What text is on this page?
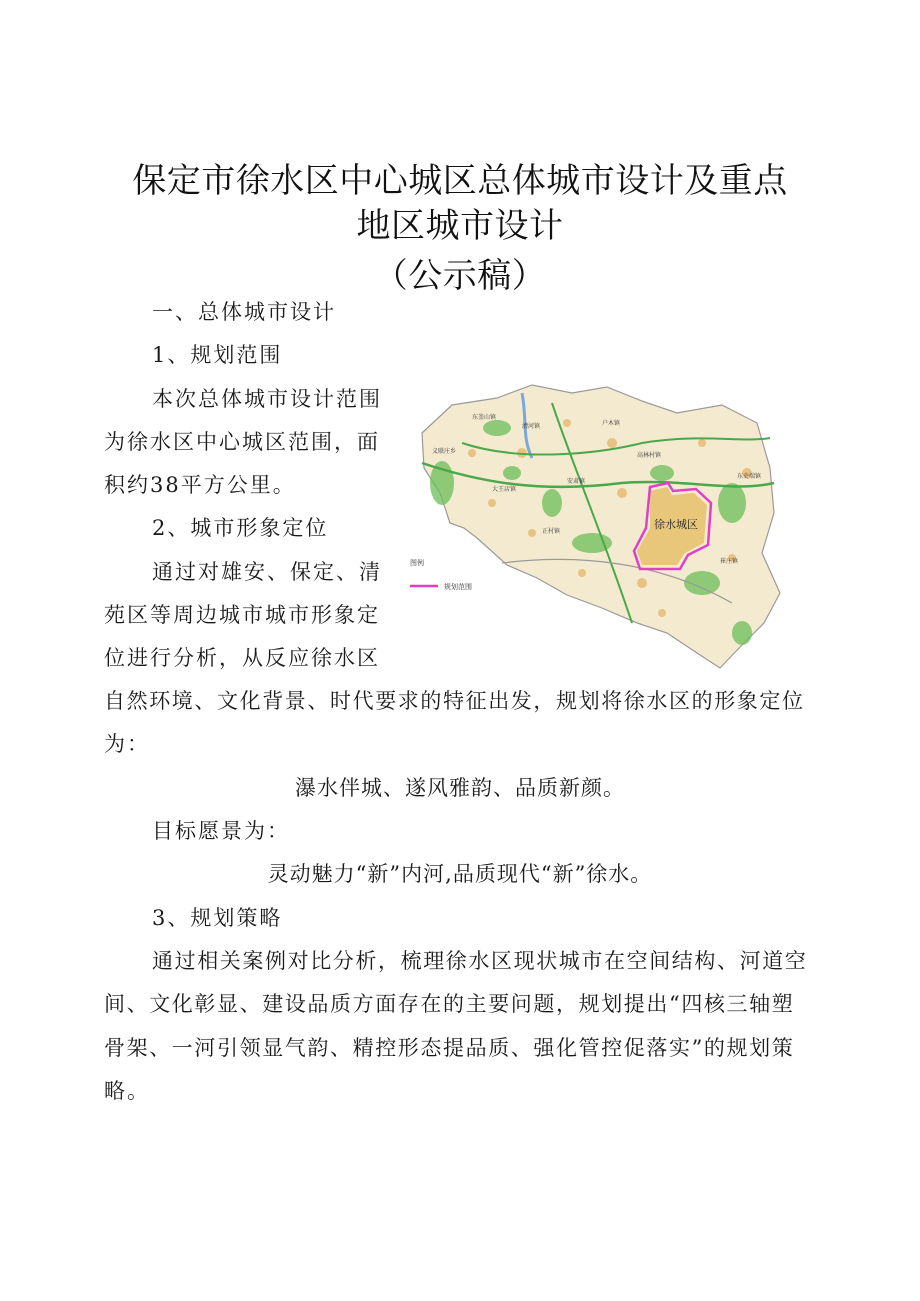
保定市徐水区中心城区总体城市设计及重点
地区城市设计
（公示稿）
一、总体城市设计
1、规划范围
本次总体城市设计范围
为徐水区中心城区范围，面
积约38平方公里。
2、城市形象定位
通过对雄安、保定、清
苑区等周边城市城市形象定
位进行分析，从反应徐水区
自然环境、文化背景、时代要求的特征出发，规划将徐水区的形象定位
为：
瀑水伴城、遂风雅韵、品质新颜。
目标愿景为：
灵动魅力“新”内河,品质现代“新”徐水。
3、规划策略
通过相关案例对比分析，梳理徐水区现状城市在空间结构、河道空
间、文化彰显、建设品质方面存在的主要问题，规划提出“四核三轴塑
骨架、一河引领显气韵、精控形态提品质、强化管控促落实”的规划策
略。
徐水城区
东釜山镇
漕河镇
高林村镇
安肃镇
大王店镇
正村镇
崔庄镇
户木镇
东史端镇
义联庄乡
图例
规划范围
